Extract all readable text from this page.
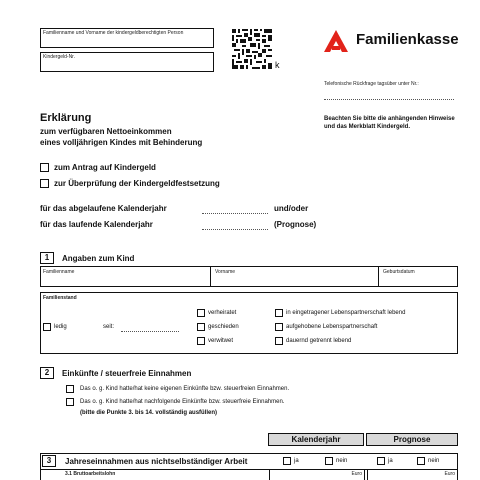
Familienname und Vorname der kindergeldberechtigten Person
Kindergeld-Nr.
k
Familienkasse
Telefonische Rückfrage tagsüber unter Nr.:
Beachten Sie bitte die anhängenden Hinweise und das Merkblatt Kindergeld.
Erklärung
zum verfügbaren Nettoeinkommen
eines volljährigen Kindes mit Behinderung
zum Antrag auf Kindergeld
zur Überprüfung der Kindergeldfestsetzung
für das abgelaufene Kalenderjahr	und/oder
für das laufende Kalenderjahr	(Prognose)
1	Angaben zum Kind
Familienname	Vorname	Geburtsdatum
Familienstand
ledig	seit:
verheiratet
geschieden
verwitwet
in eingetragener Lebenspartnerschaft lebend
aufgehobene Lebenspartnerschaft
dauernd getrennt lebend
2	Einkünfte / steuerfreie Einnahmen
Das o. g. Kind hatte/hat keine eigenen Einkünfte bzw. steuerfreien Einnahmen.
Das o. g. Kind hatte/hat nachfolgende Einkünfte bzw. steuerfreie Einnahmen.
(bitte die Punkte 3. bis 14. vollständig ausfüllen)
Kalenderjahr	Prognose
3	Jahreseinnahmen aus nichtselbständiger Arbeit	ja	nein	ja	nein
3.1 Bruttoarbeitslohn	Euro	Euro
